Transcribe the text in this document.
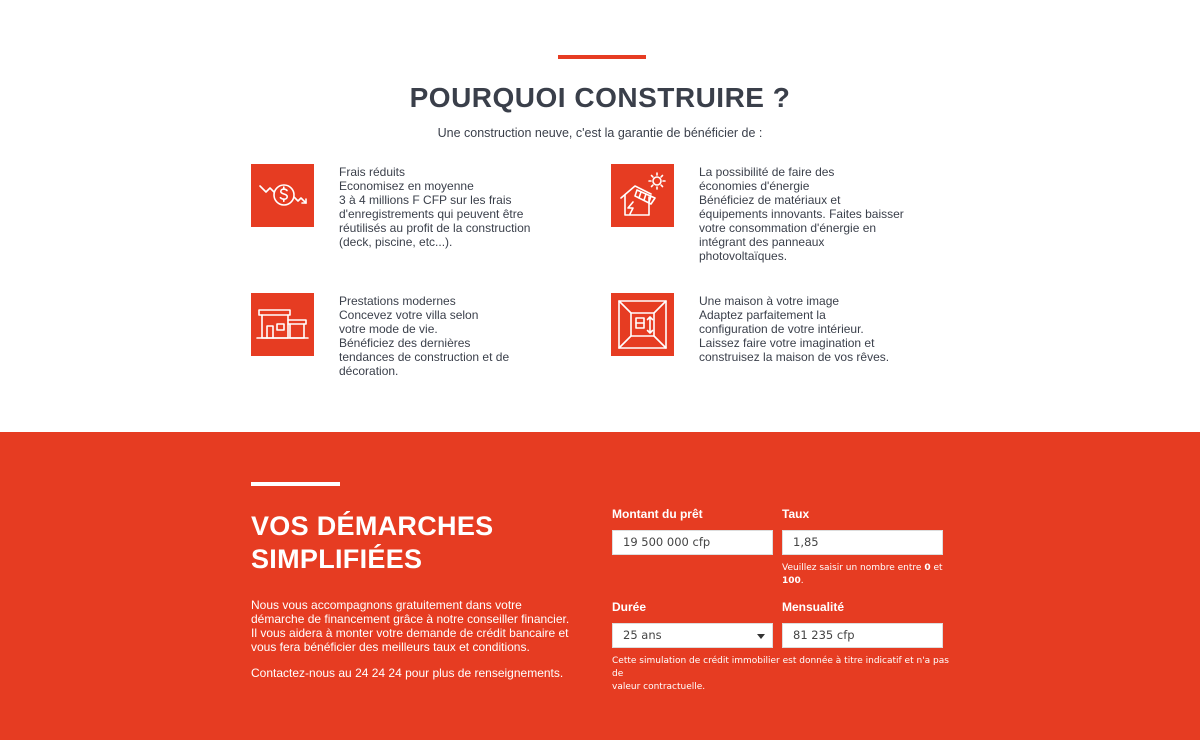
POURQUOI CONSTRUIRE ?

Une construction neuve, c'est la garantie de bénéficier de :

Frais réduits
Economisez en moyenne
3 à 4 millions F CFP sur les frais
d'enregistrements qui peuvent être
réutilisés au profit de la construction
(deck, piscine, etc...).
La possibilité de faire des
économies d'énergie
Bénéficiez de matériaux et
équipements innovants. Faites baisser
votre consommation d'énergie en
intégrant des panneaux
photovoltaïques.
Prestations modernes
Concevez votre villa selon
votre mode de vie.
Bénéficiez des dernières
tendances de construction et de
décoration.
Une maison à votre image
Adaptez parfaitement la
configuration de votre intérieur.
Laissez faire votre imagination et
construisez la maison de vos rêves.
VOS DÉMARCHES
SIMPLIFIÉES
Nous vous accompagnons gratuitement dans votre
démarche de financement grâce à notre conseiller financier.
Il vous aidera à monter votre demande de crédit bancaire et
vous fera bénéficier des meilleurs taux et conditions.
Contactez-nous au 24 24 24 pour plus de renseignements.
Montant du prêt
19 500 000 cfp
Taux
1,85
Veuillez saisir un nombre entre 0 et
100.
Durée
25 ans
Mensualité
81 235 cfp
Cette simulation de crédit immobilier est donnée à titre indicatif et n'a pas de
valeur contractuelle.
